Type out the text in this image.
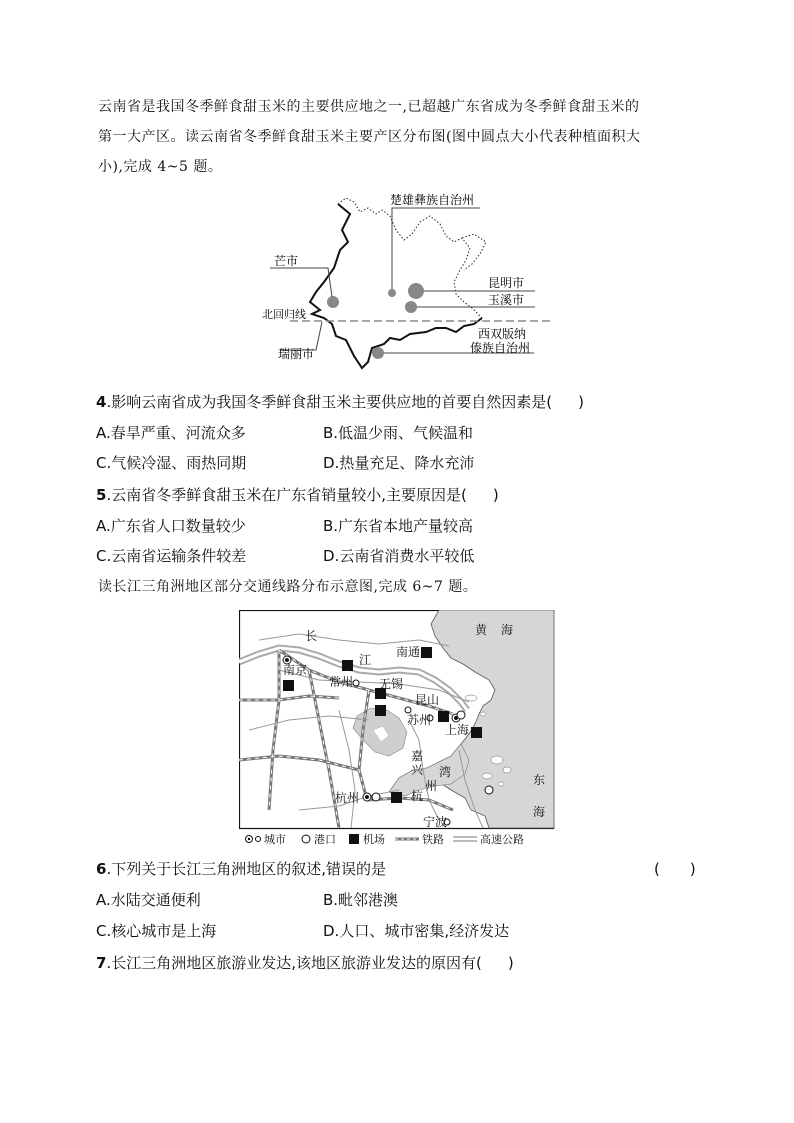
云南省是我国冬季鲜食甜玉米的主要供应地之一,已超越广东省成为冬季鲜食甜玉米的
第一大产区。读云南省冬季鲜食甜玉米主要产区分布图(图中圆点大小代表种植面积大
小),完成 4~5 题。
楚雄彝族自治州
芒市
昆明市
玉溪市
北回归线
西双版纳
傣族自治州
瑞丽市
4.影响云南省成为我国冬季鲜食甜玉米主要供应地的首要自然因素是( )
A.春旱严重、河流众多	B.低温少雨、气候温和
C.气候冷湿、雨热同期	D.热量充足、降水充沛
5.云南省冬季鲜食甜玉米在广东省销量较小,主要原因是( )
A.广东省人口数量较少	B.广东省本地产量较高
C.云南省运输条件较差	D.云南省消费水平较低
读长江三角洲地区部分交通线路分布示意图,完成 6~7 题。
黄 海
长
江
南京
南通
常州 无锡
昆山
苏州
上海
嘉
兴
杭
州
湾
杭州
宁波
东
海
城市	港口 机场	铁路	高速公路
6.下列关于长江三角洲地区的叙述,错误的是	(　　)
A.水陆交通便利	B.毗邻港澳
C.核心城市是上海	D.人口、城市密集,经济发达
7.长江三角洲地区旅游业发达,该地区旅游业发达的原因有( )
